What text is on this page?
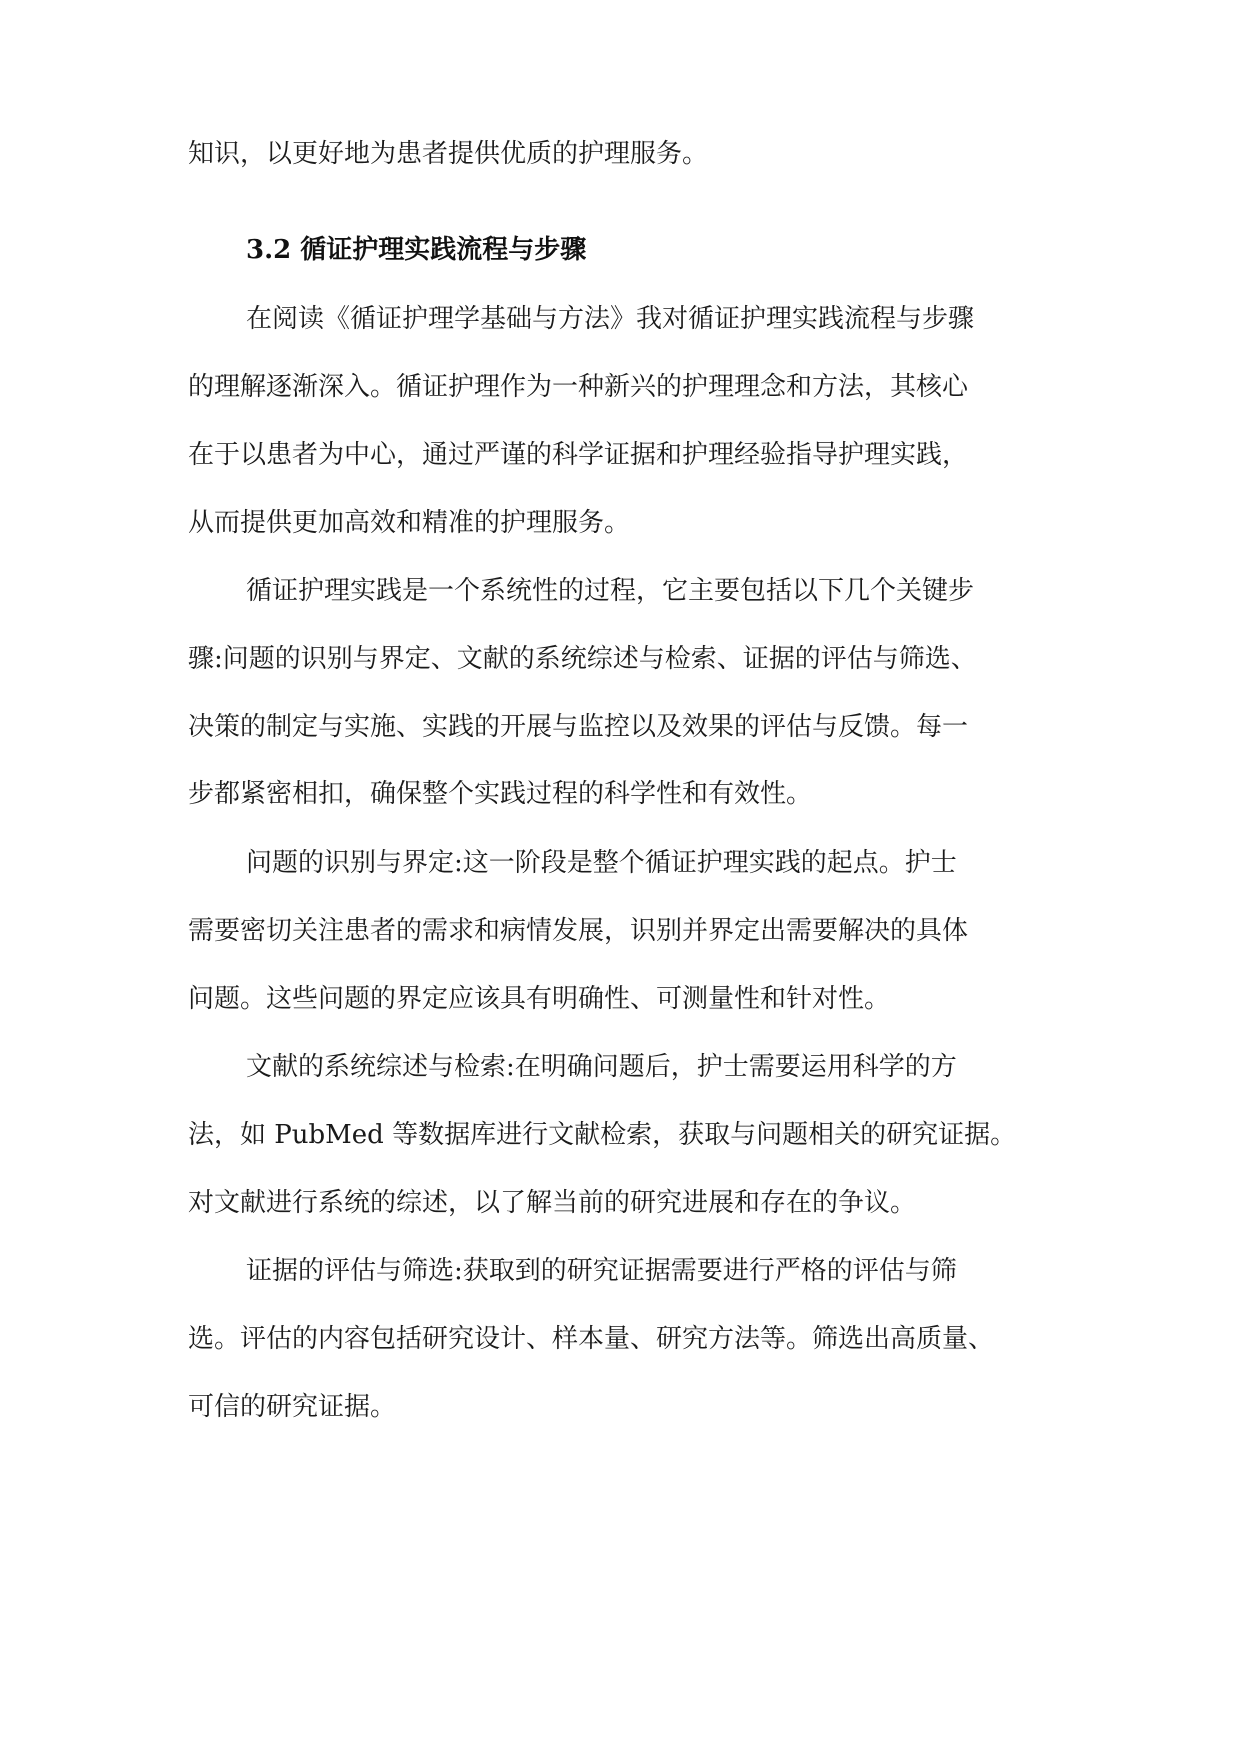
知识，以更好地为患者提供优质的护理服务。

3.2 循证护理实践流程与步骤

在阅读《循证护理学基础与方法》我对循证护理实践流程与步骤

的理解逐渐深入。循证护理作为一种新兴的护理理念和方法，其核心

在于以患者为中心，通过严谨的科学证据和护理经验指导护理实践，

从而提供更加高效和精准的护理服务。

循证护理实践是一个系统性的过程，它主要包括以下几个关键步

骤:问题的识别与界定、文献的系统综述与检索、证据的评估与筛选、

决策的制定与实施、实践的开展与监控以及效果的评估与反馈。每一

步都紧密相扣，确保整个实践过程的科学性和有效性。

问题的识别与界定:这一阶段是整个循证护理实践的起点。护士

需要密切关注患者的需求和病情发展，识别并界定出需要解决的具体

问题。这些问题的界定应该具有明确性、可测量性和针对性。

文献的系统综述与检索:在明确问题后，护士需要运用科学的方

法，如 PubMed 等数据库进行文献检索，获取与问题相关的研究证据。

对文献进行系统的综述，以了解当前的研究进展和存在的争议。

证据的评估与筛选:获取到的研究证据需要进行严格的评估与筛

选。评估的内容包括研究设计、样本量、研究方法等。筛选出高质量、

可信的研究证据。
